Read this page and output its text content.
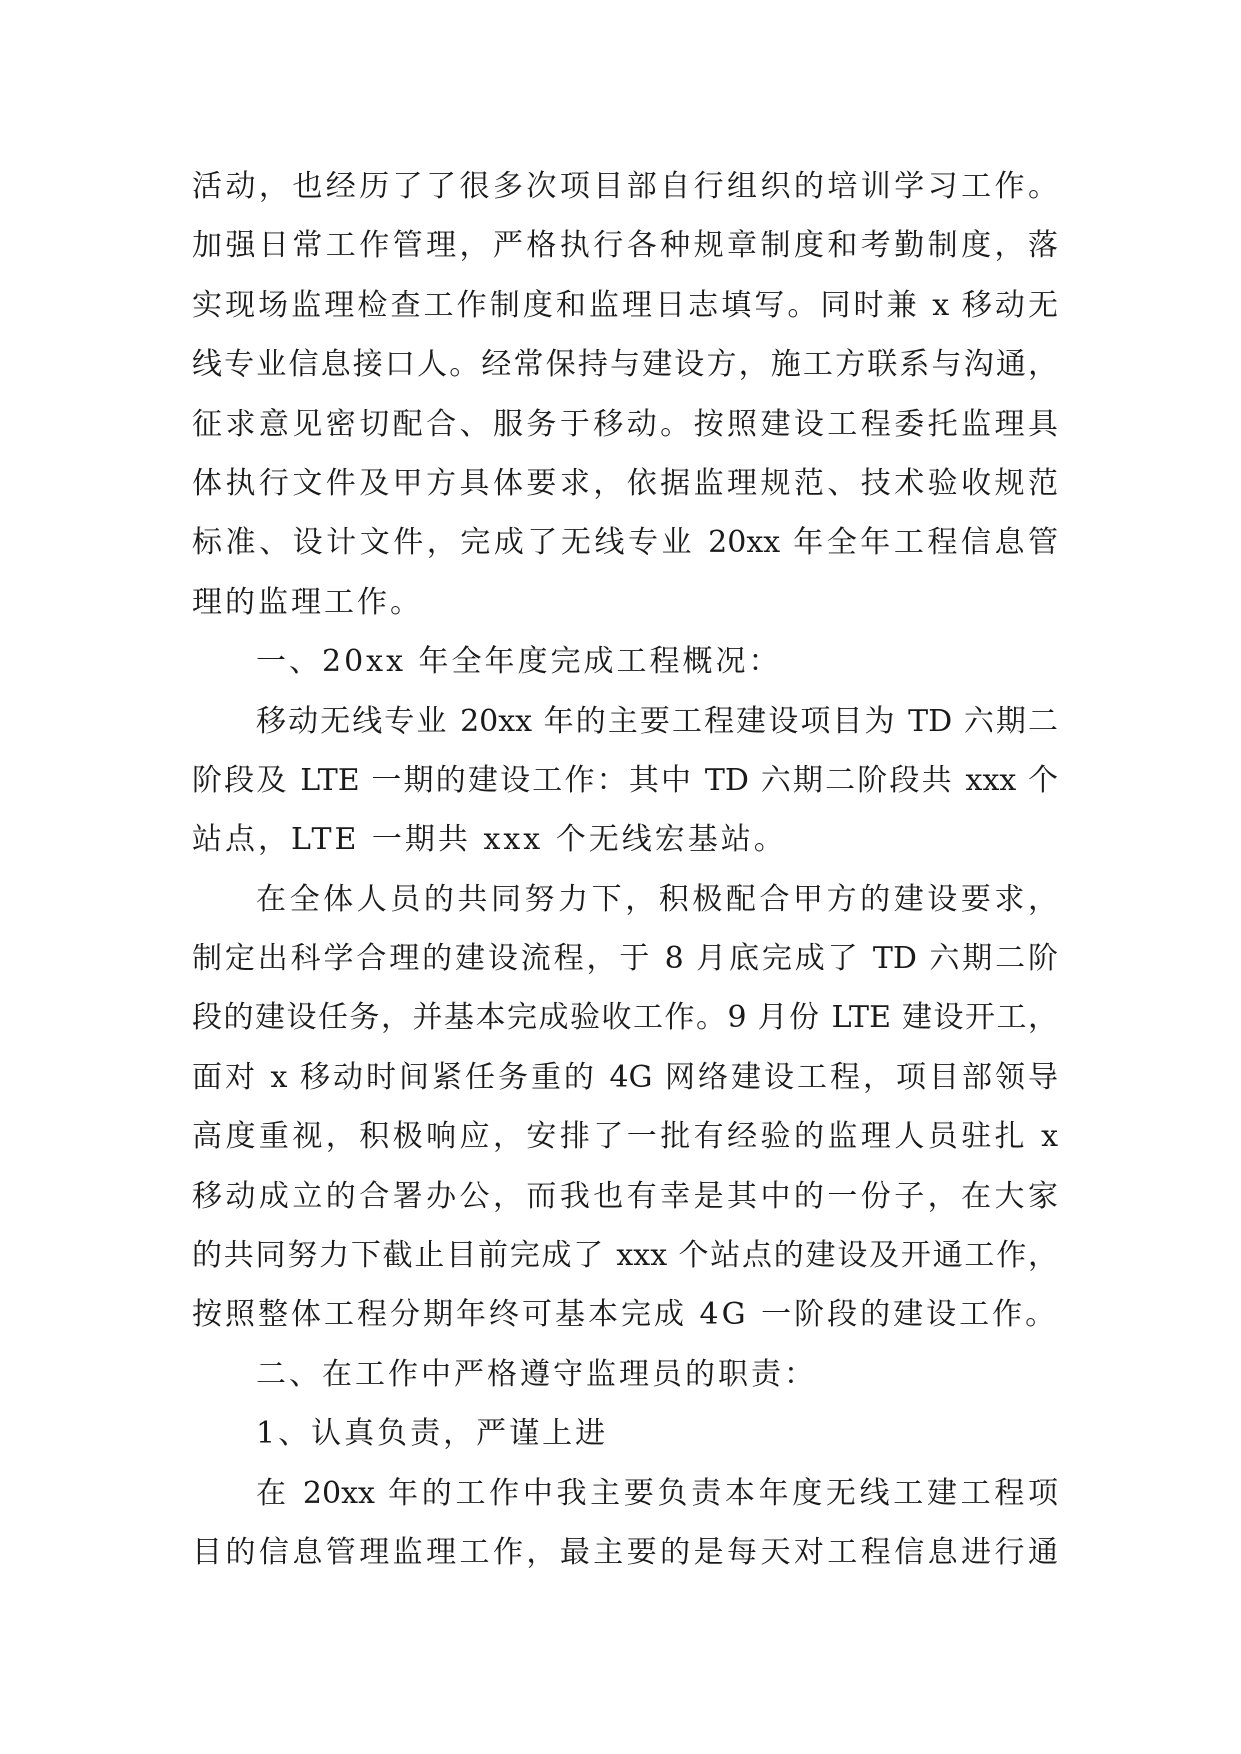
活动，也经历了了很多次项目部自行组织的培训学习工作。
加强日常工作管理，严格执行各种规章制度和考勤制度，落
实现场监理检查工作制度和监理日志填写。同时兼 x 移动无
线专业信息接口人。经常保持与建设方，施工方联系与沟通，
征求意见密切配合、服务于移动。按照建设工程委托监理具
体执行文件及甲方具体要求，依据监理规范、技术验收规范
标准、设计文件，完成了无线专业 20xx 年全年工程信息管
理的监理工作。
一、20xx 年全年度完成工程概况：
移动无线专业 20xx 年的主要工程建设项目为 TD 六期二
阶段及 LTE 一期的建设工作：其中 TD 六期二阶段共 xxx 个
站点，LTE 一期共 xxx 个无线宏基站。
在全体人员的共同努力下，积极配合甲方的建设要求，
制定出科学合理的建设流程，于 8 月底完成了 TD 六期二阶
段的建设任务，并基本完成验收工作。9 月份 LTE 建设开工，
面对 x 移动时间紧任务重的 4G 网络建设工程，项目部领导
高度重视，积极响应，安排了一批有经验的监理人员驻扎 x
移动成立的合署办公，而我也有幸是其中的一份子，在大家
的共同努力下截止目前完成了 xxx 个站点的建设及开通工作，
按照整体工程分期年终可基本完成 4G 一阶段的建设工作。
二、在工作中严格遵守监理员的职责：
1、认真负责，严谨上进
在 20xx 年的工作中我主要负责本年度无线工建工程项
目的信息管理监理工作，最主要的是每天对工程信息进行通
